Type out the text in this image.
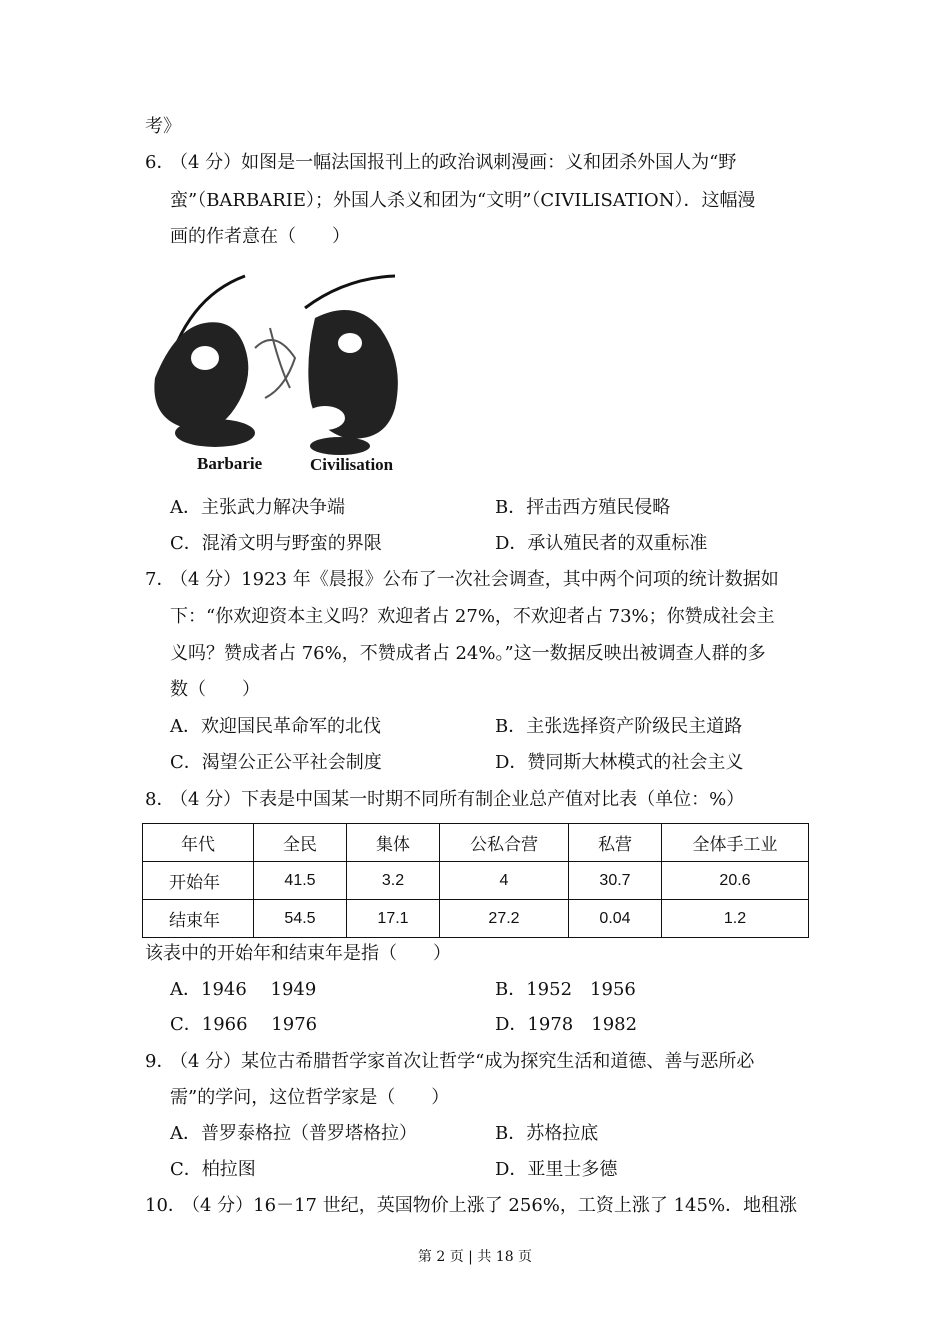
考》
6．
（4 分）如图是一幅法国报刊上的政治讽刺漫画：义和团杀外国人为“野
蛮”（BARBARIE）；外国人杀义和团为“文明”（CIVILISATION）．这幅漫
画的作者意在（　　）
Barbarie	Civilisation
A．主张武力解决争端	B．抨击西方殖民侵略
C．混淆文明与野蛮的界限	D．承认殖民者的双重标准
7．
（4 分）1923 年《晨报》公布了一次社会调查，其中两个问项的统计数据如
下：“你欢迎资本主义吗？欢迎者占 27%，不欢迎者占 73%；你赞成社会主
义吗？赞成者占 76%，不赞成者占 24%。”这一数据反映出被调查人群的多
数（　　）
A．欢迎国民革命军的北伐	B．主张选择资产阶级民主道路
C．渴望公正公平社会制度	D．赞同斯大林模式的社会主义
8．
（4 分）下表是中国某一时期不同所有制企业总产值对比表（单位：%）
年代	全民	集体	公私合营	私营	全体手工业
开始年	41.5	3.2	4	30.7	20.6
结束年	54.5	17.1	27.2	0.04	1.2
该表中的开始年和结束年是指（　　）
A．1946　 1949	B．1952　1956
C．1966　 1976	D．1978　1982
9．
（4 分）某位古希腊哲学家首次让哲学“成为探究生活和道德、善与恶所必
需”的学问，这位哲学家是（　　）
A．普罗泰格拉（普罗塔格拉）	B．苏格拉底
C．柏拉图	D．亚里士多德
10．
（4 分）16－17 世纪，英国物价上涨了 256%，工资上涨了 145%．地租涨
第 2 页 | 共 18 页
